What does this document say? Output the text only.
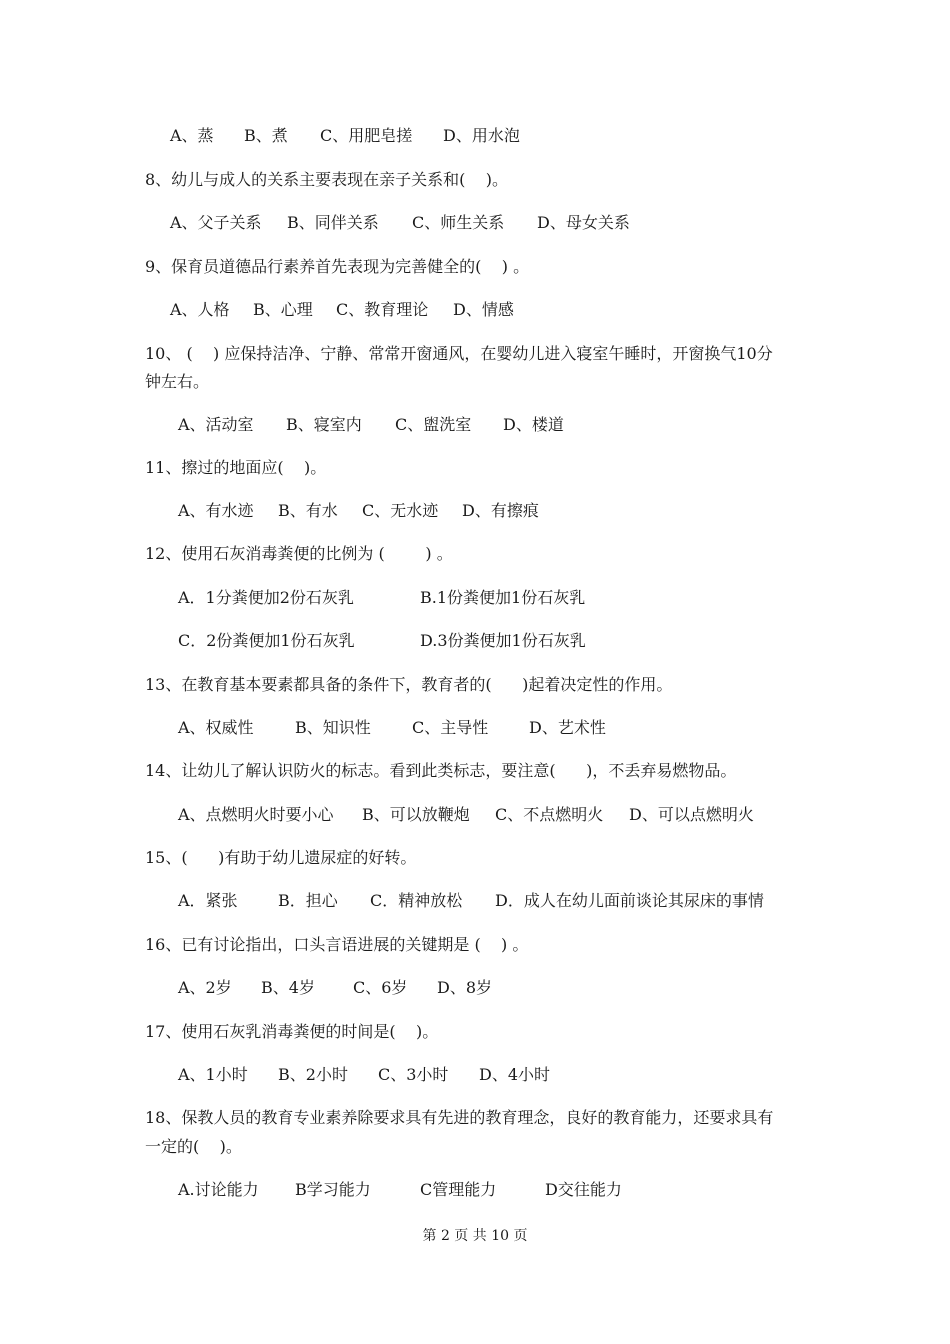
A、蒸

B、煮

C、用肥皂搓

D、用水泡

8、幼儿与成人的关系主要表现在亲子关系和(    )。

A、父子关系

B、同伴关系

C、师生关系

D、母女关系

9、保育员道德品行素养首先表现为完善健全的(    ) 。

A、人格

B、心理

C、教育理论

D、情感

10、 (    ) 应保持洁净、宁静、常常开窗通风，在婴幼儿进入寝室午睡时，开窗换气10分
钟左右。

A、活动室

B、寝室内

C、盥洗室

D、楼道

11、擦过的地面应(    )。

A、有水迹

B、有水

C、无水迹

D、有擦痕

12、使用石灰消毒粪便的比例为 (        ) 。

A．1分粪便加2份石灰乳

	B.1份粪便加1份石灰乳

C．2份粪便加1份石灰乳

	D.3份粪便加1份石灰乳

13、在教育基本要素都具备的条件下，教育者的(      )起着决定性的作用。

A、权威性

	B、知识性

	C、主导性

	D、艺术性

14、让幼儿了解认识防火的标志。看到此类标志，要注意(      )，不丢弃易燃物品。

A、点燃明火时要小心

B、可以放鞭炮

C、不点燃明火

D、可以点燃明火

15、(      )有助于幼儿遗尿症的好转。

A．紧张

	B．担心

C．精神放松

D．成人在幼儿面前谈论其尿床的事情

16、已有讨论指出，口头言语进展的关键期是 (    ) 。

A、2岁

B、4岁

C、6岁

D、8岁

17、使用石灰乳消毒粪便的时间是(    )。

A、1小时

B、2小时

C、3小时

D、4小时

18、保教人员的教育专业素养除要求具有先进的教育理念，良好的教育能力，还要求具有
一定的(    )。

A.讨论能力

B学习能力

	C管理能力

	D交往能力

第 2 页 共 10 页
